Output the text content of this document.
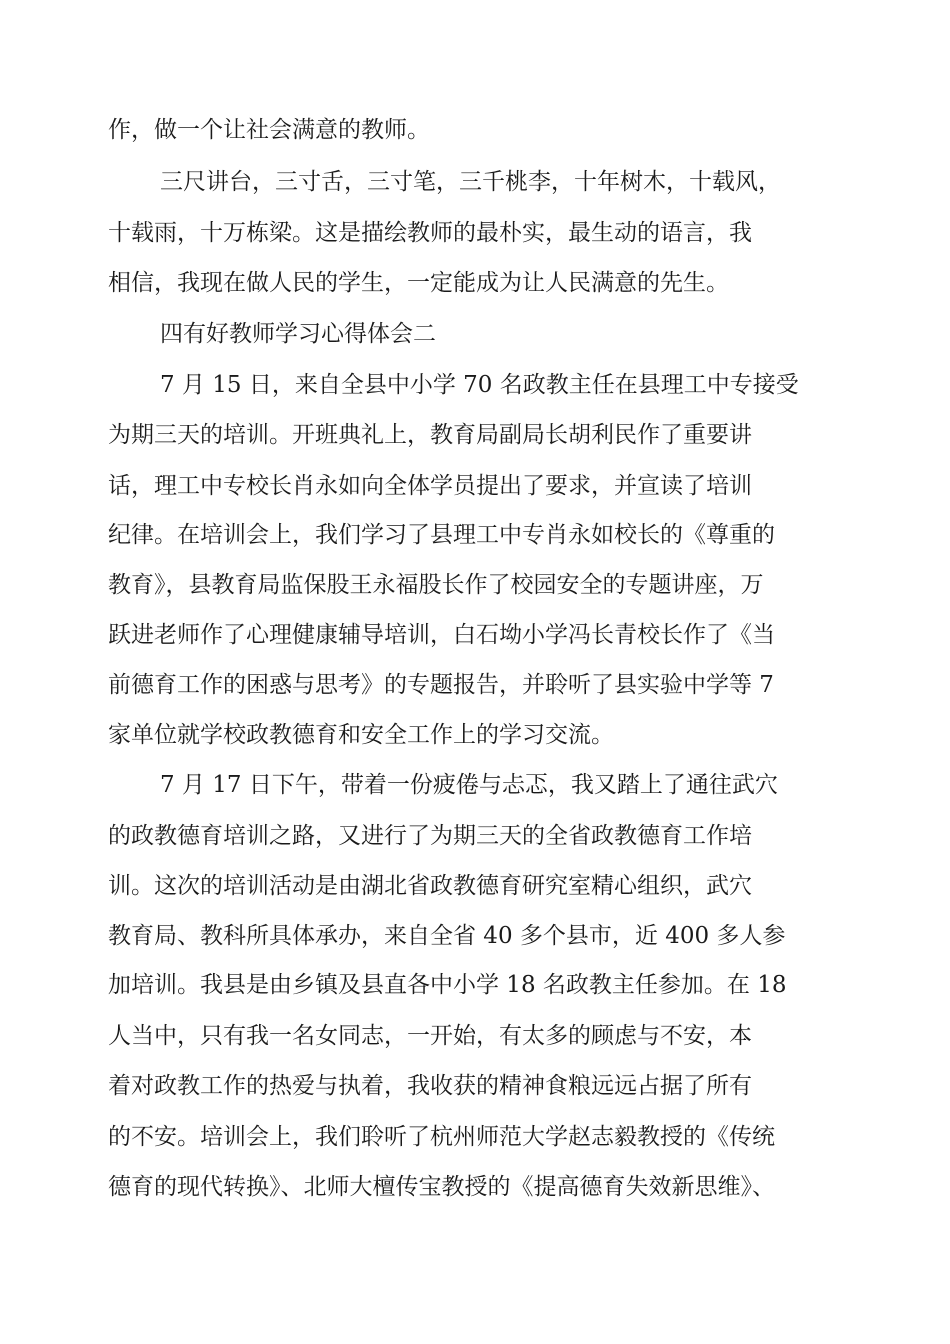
作，做一个让社会满意的教师。
三尺讲台，三寸舌，三寸笔，三千桃李，十年树木，十载风，
十载雨，十万栋梁。这是描绘教师的最朴实，最生动的语言，我
相信，我现在做人民的学生，一定能成为让人民满意的先生。
四有好教师学习心得体会二
7 月 15 日，来自全县中小学 70 名政教主任在县理工中专接受
为期三天的培训。开班典礼上，教育局副局长胡利民作了重要讲
话，理工中专校长肖永如向全体学员提出了要求，并宣读了培训
纪律。在培训会上，我们学习了县理工中专肖永如校长的《尊重的
教育》，县教育局监保股王永福股长作了校园安全的专题讲座，万
跃进老师作了心理健康辅导培训，白石坳小学冯长青校长作了《当
前德育工作的困惑与思考》的专题报告，并聆听了县实验中学等 7
家单位就学校政教德育和安全工作上的学习交流。
7 月 17 日下午，带着一份疲倦与忐忑，我又踏上了通往武穴
的政教德育培训之路，又进行了为期三天的全省政教德育工作培
训。这次的培训活动是由湖北省政教德育研究室精心组织，武穴
教育局、教科所具体承办，来自全省 40 多个县市，近 400 多人参
加培训。我县是由乡镇及县直各中小学 18 名政教主任参加。在 18
人当中，只有我一名女同志，一开始，有太多的顾虑与不安，本
着对政教工作的热爱与执着，我收获的精神食粮远远占据了所有
的不安。培训会上，我们聆听了杭州师范大学赵志毅教授的《传统
德育的现代转换》、北师大檀传宝教授的《提高德育失效新思维》、
